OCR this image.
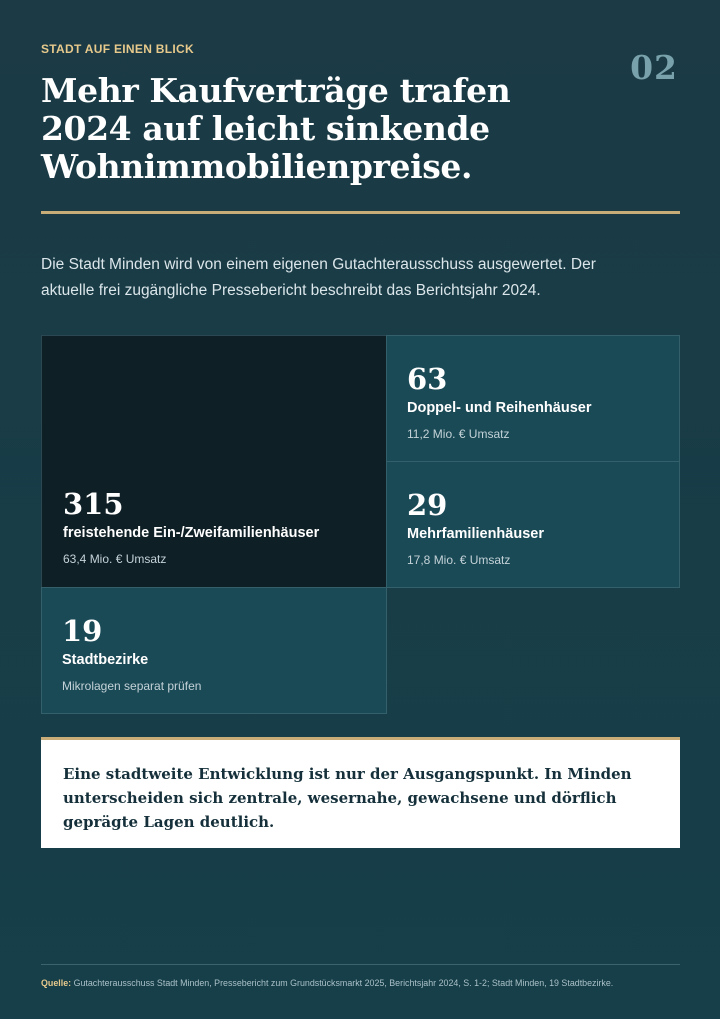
STADT AUF EINEN BLICK	02
Mehr Kaufverträge trafen 2024 auf leicht sinkende Wohnimmobilienpreise.

Die Stadt Minden wird von einem eigenen Gutachterausschuss ausgewertet. Der aktuelle frei zugängliche Pressebericht beschreibt das Berichtsjahr 2024.

315
freistehende Ein-/Zweifamilienhäuser
63,4 Mio. € Umsatz
63
Doppel- und Reihenhäuser
11,2 Mio. € Umsatz
29
Mehrfamilienhäuser
17,8 Mio. € Umsatz
19
Stadtbezirke
Mikrolagen separat prüfen
Eine stadtweite Entwicklung ist nur der Ausgangspunkt. In Minden unterscheiden sich zentrale, wesernahe, gewachsene und dörflich geprägte Lagen deutlich.
Quelle: Gutachterausschuss Stadt Minden, Pressebericht zum Grundstücksmarkt 2025, Berichtsjahr 2024, S. 1-2; Stadt Minden, 19 Stadtbezirke.
